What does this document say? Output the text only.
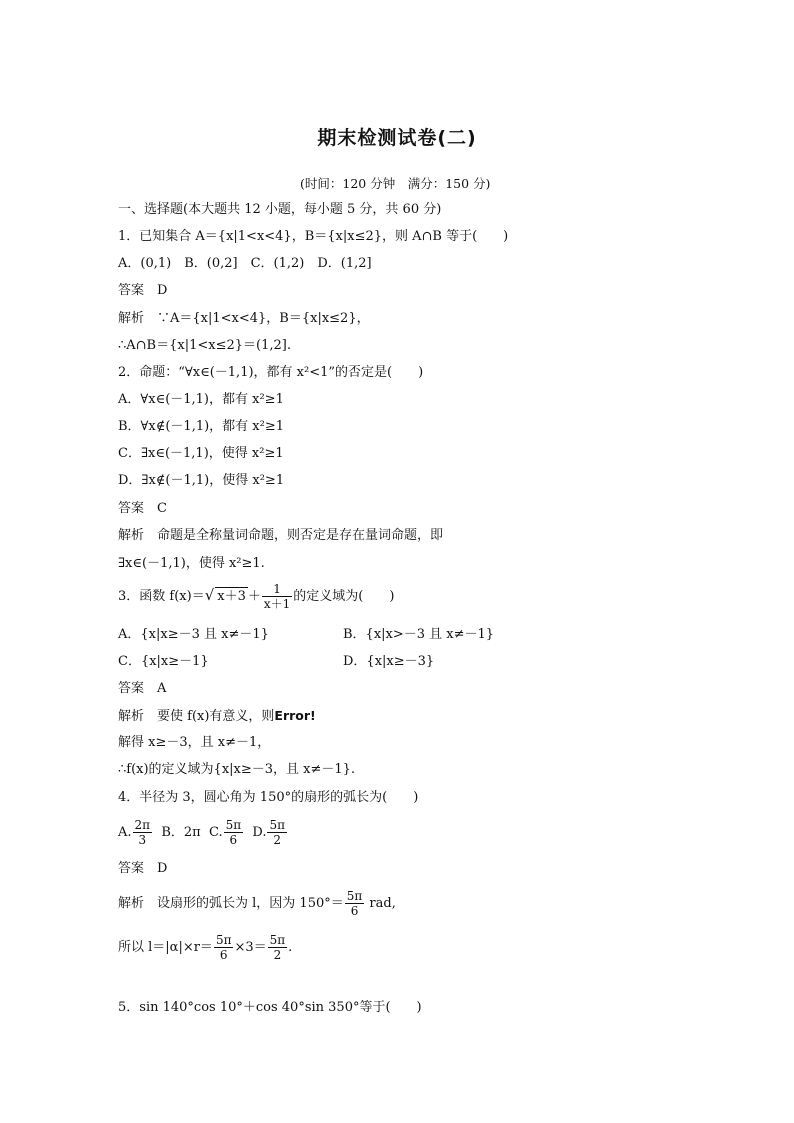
期末检测试卷(二)
(时间：120 分钟　满分：150 分)
一、选择题(本大题共 12 小题，每小题 5 分，共 60 分)
1．已知集合 A＝{x|1<x<4}，B＝{x|x≤2}，则 A∩B 等于(　　)
A．(0,1)　B．(0,2]　C．(1,2)　D．(1,2]
答案　D
解析　∵A＝{x|1<x<4}，B＝{x|x≤2}，
∴A∩B＝{x|1<x≤2}＝(1,2].
2．命题：“∀x∈(－1,1)，都有 x²<1”的否定是(　　)
A．∀x∈(－1,1)，都有 x²≥1
B．∀x∉(－1,1)，都有 x²≥1
C．∃x∈(－1,1)，使得 x²≥1
D．∃x∉(－1,1)，使得 x²≥1
答案　C
解析　命题是全称量词命题，则否定是存在量词命题，即
∃x∈(－1,1)，使得 x²≥1.
3．函数 f(x)＝√ $x+3 + \frac{1}{x+1}$ 的定义域为(　　)
A．{x|x≥－3 且 x≠－1}	B．{x|x>－3 且 x≠－1}
C．{x|x≥－1}	D．{x|x≥－3}
答案　A
解析　要使 f(x)有意义，则Error!
解得 x≥－3，且 x≠－1，
∴f(x)的定义域为{x|x≥－3，且 x≠－1}.
4．半径为 3，圆心角为 150°的扇形的弧长为(　　)
A. $\frac{2\pi}{3}$ B．2π C. $\frac{5\pi}{6} D$. $\frac{5\pi}{2}$
答案　D
解析　设扇形的弧长为 l，因为 $150^\circ= \frac{5\pi}{6}$ rad,
所以 $l=|\alpha|\times r= \frac{5\pi}{6} \times 3= \frac{5\pi}{2}$ .
5．sin 140°cos 10°＋cos 40°sin 350°等于(　　)
